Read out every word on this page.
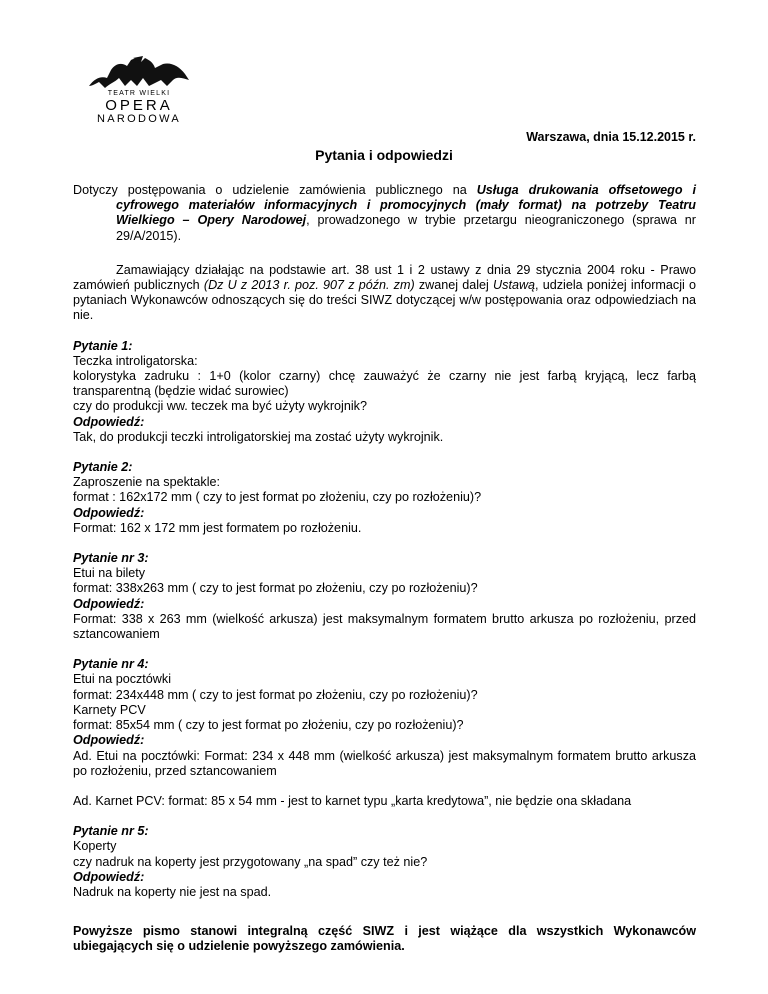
TEATR WIELKI
OPERA
NARODOWA
Warszawa, dnia 15.12.2015 r.
Pytania i odpowiedzi

Dotyczy postępowania o udzielenie zamówienia publicznego na Usługa drukowania offsetowego i cyfrowego materiałów informacyjnych i promocyjnych (mały format) na potrzeby Teatru Wielkiego – Opery Narodowej, prowadzonego w trybie przetargu nieograniczonego (sprawa nr 29/A/2015).

Zamawiający działając na podstawie art. 38 ust 1 i 2 ustawy z dnia 29 stycznia 2004 roku - Prawo zamówień publicznych (Dz U z 2013 r. poz. 907 z późn. zm) zwanej dalej Ustawą, udziela poniżej informacji o pytaniach Wykonawców odnoszących się do treści SIWZ dotyczącej w/w postępowania oraz odpowiedziach na nie.

Pytanie 1:

Teczka introligatorska:

kolorystyka zadruku : 1+0 (kolor czarny) chcę zauważyć że czarny nie jest farbą kryjącą, lecz farbą transparentną (będzie widać surowiec)

czy do produkcji ww. teczek ma być użyty wykrojnik?

Odpowiedź:

Tak, do produkcji teczki introligatorskiej ma zostać użyty wykrojnik.

Pytanie 2:

Zaproszenie na spektakle:

format : 162x172 mm ( czy to jest format po złożeniu, czy po rozłożeniu)?

Odpowiedź:

Format: 162 x 172 mm jest formatem po rozłożeniu.

Pytanie nr 3:

Etui na bilety

format: 338x263 mm ( czy to jest format po złożeniu, czy po rozłożeniu)?

Odpowiedź:

Format: 338 x 263 mm (wielkość arkusza) jest maksymalnym formatem brutto arkusza po rozłożeniu, przed sztancowaniem

Pytanie nr 4:

Etui na pocztówki

format: 234x448 mm ( czy to jest format po złożeniu, czy po rozłożeniu)?

Karnety PCV

format: 85x54 mm ( czy to jest format po złożeniu, czy po rozłożeniu)?

Odpowiedź:

Ad. Etui na pocztówki: Format: 234 x 448 mm (wielkość arkusza) jest maksymalnym formatem brutto arkusza po rozłożeniu, przed sztancowaniem

Ad. Karnet PCV: format: 85 x 54 mm - jest to karnet typu „karta kredytowa”, nie będzie ona składana

Pytanie nr 5:

Koperty

czy nadruk na koperty jest przygotowany „na spad” czy też nie?

Odpowiedź:

Nadruk na koperty nie jest na spad.

Powyższe pismo stanowi integralną część SIWZ i jest wiążące dla wszystkich Wykonawców ubiegających się o udzielenie powyższego zamówienia.
